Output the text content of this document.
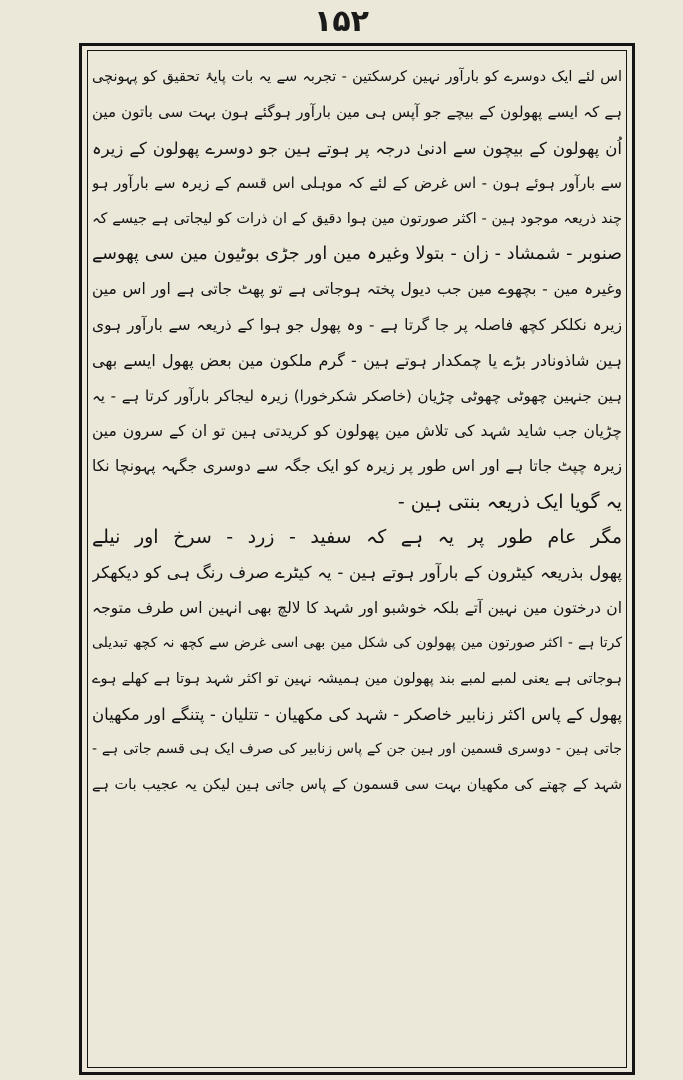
۱۵۲
اس لئے ایک دوسرے کو بارآور نہین کرسکتین - تجربہ سے یہ بات پایۂ تحقیق کو پہونچی
ہے کہ ایسے پھولون کے بیچے جو آپس ہی مین بارآور ہوگئے ہون بہت سی باتون مین
اُن پھولون کے بیچون سے ادنیٰ درجہ پر ہوتے ہین جو دوسرے پھولون کے زیرہ
سے بارآور ہوئے ہون - اس غرض کے لئے کہ موہلی اس قسم کے زیرہ سے بارآور ہو
چند ذریعہ موجود ہین - اکثر صورتون مین ہوا دقیق کے ان ذرات کو لیجاتی ہے جیسے کہ
صنوبر - شمشاد - زان - بتولا وغیرہ مین اور جڑی بوٹیون مین سی پھوسے
وغیرہ مین - بچھوے مین جب دیول پختہ ہوجاتی ہے تو پھٹ جاتی ہے اور اس مین
زیرہ نکلکر کچھ فاصلہ پر جا گرتا ہے - وہ پھول جو ہوا کے ذریعہ سے بارآور ہوی
ہین شاذونادر بڑے یا چمکدار ہوتے ہین - گرم ملکون مین بعض پھول ایسے بھی
ہین جنہین چھوٹی چھوٹی چڑیان (خاصکر شکرخورا) زیرہ لیجاکر بارآور کرتا ہے - یہ
چڑیان جب شاید شہد کی تلاش مین پھولون کو کریدتی ہین تو ان کے سرون مین
زیرہ چپٹ جاتا ہے اور اس طور پر زیرہ کو ایک جگہ سے دوسری جگہہ پہونچا نکا
یہ گویا ایک ذریعہ بنتی ہین -
مگر عام طور پر یہ ہے کہ سفید - زرد - سرخ اور نیلے
پھول بذریعہ کیٹرون کے بارآور ہوتے ہین - یہ کیٹرے صرف رنگ ہی کو دیکھکر
ان درختون مین نہین آتے بلکہ خوشبو اور شہد کا لالچ بھی انہین اس طرف متوجہ
کرتا ہے - اکثر صورتون مین پھولون کی شکل مین بھی اسی غرض سے کچھ نہ کچھ تبدیلی
ہوجاتی ہے یعنی لمبے لمبے بند پھولون مین ہمیشہ نہین تو اکثر شہد ہوتا ہے کھلے ہوے
پھول کے پاس اکثر زنابیر خاصکر - شہد کی مکھیان - تتلیان - پتنگے اور مکھیان
جاتی ہین - دوسری قسمین اور ہین جن کے پاس زنابیر کی صرف ایک ہی قسم جاتی ہے -
شہد کے چھتے کی مکھیان بہت سی قسمون کے پاس جاتی ہین لیکن یہ عجیب بات ہے
